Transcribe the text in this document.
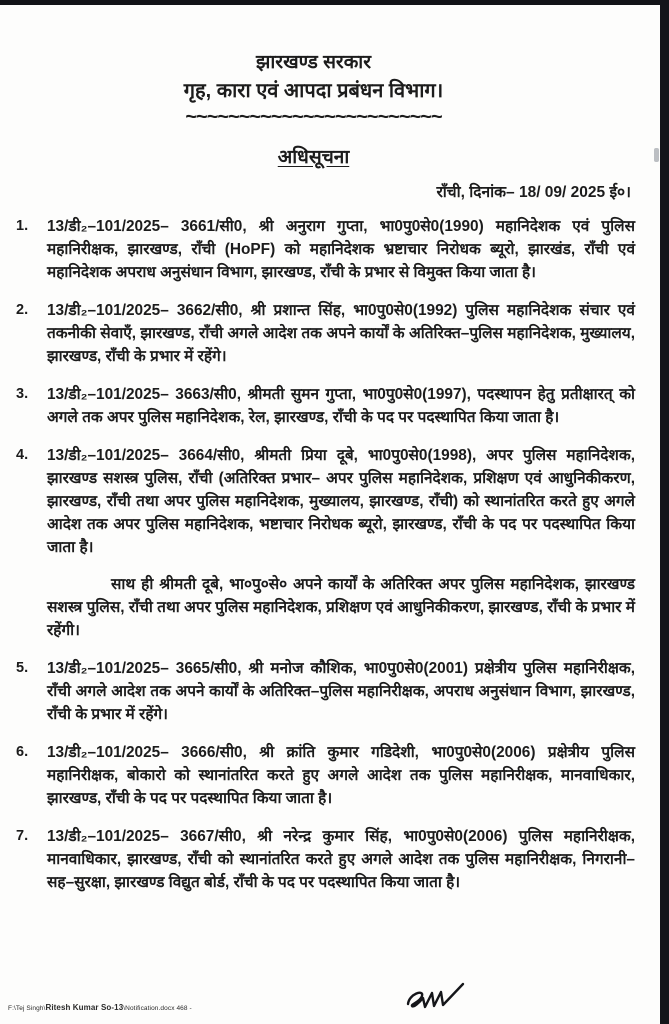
झारखण्ड सरकार
गृह, कारा एवं आपदा प्रबंधन विभाग।
~~~~~~~~~~~~~~~~~~~~~~~~
अधिसूचना
राँची, दिनांक– 18/ 09/ 2025 ई०।
1.	13/डी₂–101/2025– 3661/सी0, श्री अनुराग गुप्ता, भा0पु0से0(1990) महानिदेशक एवं पुलिस महानिरीक्षक, झारखण्ड, राँची (HoPF) को महानिदेशक भ्रष्टाचार निरोधक ब्यूरो, झारखंड, राँची एवं महानिदेशक अपराध अनुसंधान विभाग, झारखण्ड, राँची के प्रभार से विमुक्त किया जाता है।
2.	13/डी₂–101/2025– 3662/सी0, श्री प्रशान्त सिंह, भा0पु0से0(1992) पुलिस महानिदेशक संचार एवं तकनीकी सेवाएँ, झारखण्ड, राँची अगले आदेश तक अपने कार्यों के अतिरिक्त–पुलिस महानिदेशक, मुख्यालय, झारखण्ड, राँची के प्रभार में रहेंगे।
3.	13/डी₂–101/2025– 3663/सी0, श्रीमती सुमन गुप्ता, भा0पु0से0(1997), पदस्थापन हेतु प्रतीक्षारत् को अगले तक अपर पुलिस महानिदेशक, रेल, झारखण्ड, राँची के पद पर पदस्थापित किया जाता है।
4.	13/डी₂–101/2025– 3664/सी0, श्रीमती प्रिया दूबे, भा0पु0से0(1998), अपर पुलिस महानिदेशक, झारखण्ड सशस्त्र पुलिस, राँची (अतिरिक्त प्रभार– अपर पुलिस महानिदेशक, प्रशिक्षण एवं आधुनिकीकरण, झारखण्ड, राँची तथा अपर पुलिस महानिदेशक, मुख्यालय, झारखण्ड, राँची) को स्थानांतरित करते हुए अगले आदेश तक अपर पुलिस महानिदेशक, भष्टाचार निरोधक ब्यूरो, झारखण्ड, राँची के पद पर पदस्थापित किया जाता है।
साथ ही श्रीमती दूबे, भा०पु०से० अपने कार्यों के अतिरिक्त अपर पुलिस महानिदेशक, झारखण्ड सशस्त्र पुलिस, राँची तथा अपर पुलिस महानिदेशक, प्रशिक्षण एवं आधुनिकीकरण, झारखण्ड, राँची के प्रभार में रहेंगी।
5.	13/डी₂–101/2025– 3665/सी0, श्री मनोज कौशिक, भा0पु0से0(2001) प्रक्षेत्रीय पुलिस महानिरीक्षक, राँची अगले आदेश तक अपने कार्यों के अतिरिक्त–पुलिस महानिरीक्षक, अपराध अनुसंधान विभाग, झारखण्ड, राँची के प्रभार में रहेंगे।
6.	13/डी₂–101/2025– 3666/सी0, श्री क्रांति कुमार गडिदेशी, भा0पु0से0(2006) प्रक्षेत्रीय पुलिस महानिरीक्षक, बोकारो को स्थानांतरित करते हुए अगले आदेश तक पुलिस महानिरीक्षक, मानवाधिकार, झारखण्ड, राँची के पद पर पदस्थापित किया जाता है।
7.	13/डी₂–101/2025– 3667/सी0, श्री नरेन्द्र कुमार सिंह, भा0पु0से0(2006) पुलिस महानिरीक्षक, मानवाधिकार, झारखण्ड, राँची को स्थानांतरित करते हुए अगले आदेश तक पुलिस महानिरीक्षक, निगरानी–सह–सुरक्षा, झारखण्ड विद्युत बोर्ड, राँची के पद पर पदस्थापित किया जाता है।
F:\Tej Singh\Ritesh Kumar So-13\Notification.docx 468 -
